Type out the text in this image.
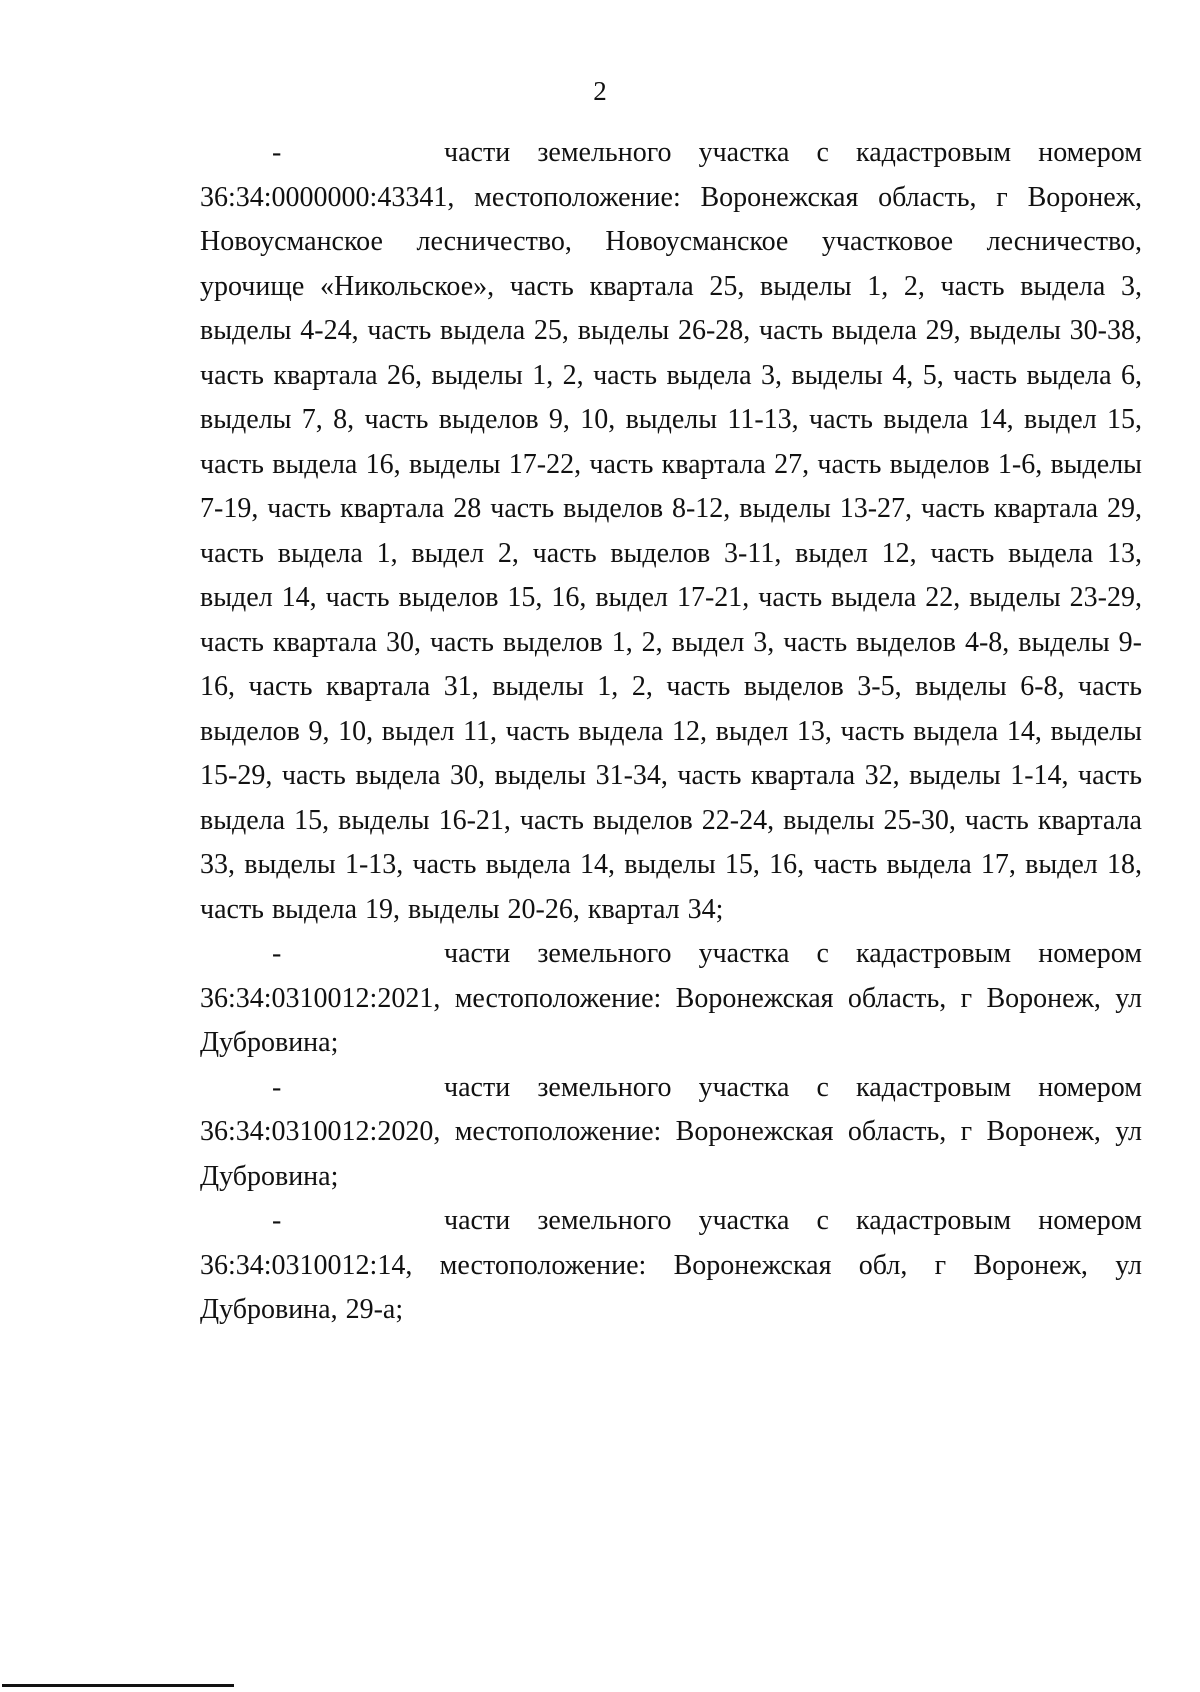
2

-      части земельного участка с кадастровым номером 36:34:0000000:43341, местоположение: Воронежская область, г Воронеж, Новоусманское лесничество, Новоусманское участковое лесничество, урочище «Никольское», часть квартала 25, выделы 1, 2, часть выдела 3, выделы 4-24, часть выдела 25, выделы 26-28, часть выдела 29, выделы 30-38, часть квартала 26, выделы 1, 2, часть выдела 3, выделы 4, 5, часть выдела 6, выделы 7, 8, часть выделов 9, 10, выделы 11-13, часть выдела 14, выдел 15, часть выдела 16, выделы 17-22, часть квартала 27, часть выделов 1-6, выделы 7-19, часть квартала 28 часть выделов 8-12, выделы 13-27, часть квартала 29, часть выдела 1, выдел 2, часть выделов 3-11, выдел 12, часть выдела 13, выдел 14, часть выделов 15, 16, выдел 17-21, часть выдела 22, выделы 23-29, часть квартала 30, часть выделов 1, 2, выдел 3, часть выделов 4-8, выделы 9-16, часть квартала 31, выделы 1, 2, часть выделов 3-5, выделы 6-8, часть выделов 9, 10, выдел 11, часть выдела 12, выдел 13, часть выдела 14, выделы 15-29, часть выдела 30, выделы 31-34, часть квартала 32, выделы 1-14, часть выдела 15, выделы 16-21, часть выделов 22-24, выделы 25-30, часть квартала 33, выделы 1-13, часть выдела 14, выделы 15, 16, часть выдела 17, выдел 18, часть выдела 19, выделы 20-26, квартал 34;

-      части земельного участка с кадастровым номером 36:34:0310012:2021, местоположение: Воронежская область, г Воронеж, ул Дубровина;

-      части земельного участка с кадастровым номером 36:34:0310012:2020, местоположение: Воронежская область, г Воронеж, ул Дубровина;

-      части земельного участка с кадастровым номером 36:34:0310012:14, местоположение: Воронежская обл, г Воронеж, ул Дубровина, 29-а;
